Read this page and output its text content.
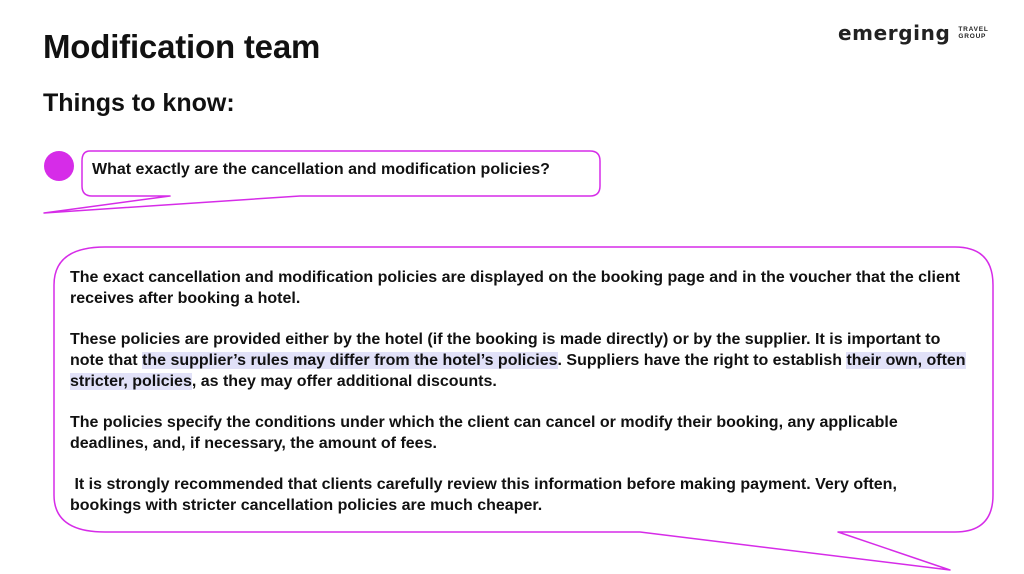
Modification team
Things to know:
emerging TRAVEL
GROUP
What exactly are the cancellation and modification policies?

The exact cancellation and modification policies are displayed on the booking page and in the voucher that the client receives after booking a hotel.

These policies are provided either by the hotel (if the booking is made directly) or by the supplier. It is important to note that the supplier’s rules may differ from the hotel’s policies. Suppliers have the right to establish their own, often stricter, policies, as they may offer additional discounts.

The policies specify the conditions under which the client can cancel or modify their booking, any applicable deadlines, and, if necessary, the amount of fees.

It is strongly recommended that clients carefully review this information before making payment. Very often, bookings with stricter cancellation policies are much cheaper.
